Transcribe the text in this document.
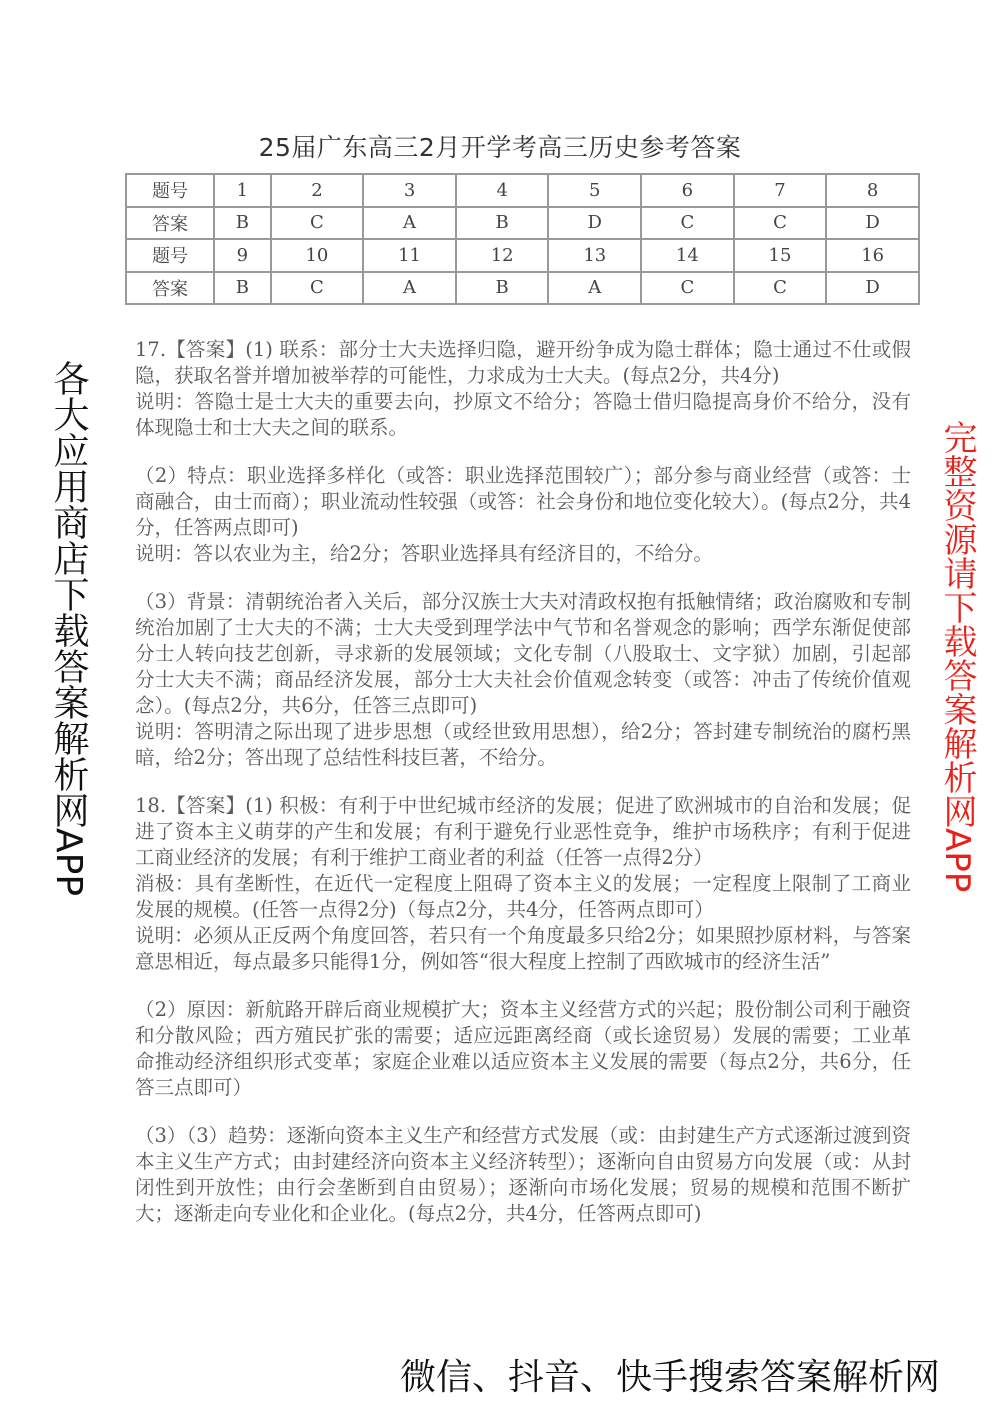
25届广东高三2月开学考高三历史参考答案
题号	1	2	3	4	5	6	7	8
答案	B	C	A	B	D	C	C	D
题号	9	10	11	12	13	14	15	16
答案	B	C	A	B	A	C	C	D

17.【答案】(1) 联系：部分士大夫选择归隐，避开纷争成为隐士群体；隐士通过不仕或假隐，获取名誉并增加被举荐的可能性，力求成为士大夫。(每点2分，共4分)

说明：答隐士是士大夫的重要去向，抄原文不给分；答隐士借归隐提高身价不给分，没有体现隐士和士大夫之间的联系。

（2）特点：职业选择多样化（或答：职业选择范围较广）；部分参与商业经营（或答：士商融合，由士而商）；职业流动性较强（或答：社会身份和地位变化较大）。(每点2分，共4分，任答两点即可)

说明：答以农业为主，给2分；答职业选择具有经济目的，不给分。

（3）背景：清朝统治者入关后，部分汉族士大夫对清政权抱有抵触情绪；政治腐败和专制统治加剧了士大夫的不满；士大夫受到理学法中气节和名誉观念的影响；西学东渐促使部分士人转向技艺创新，寻求新的发展领域；文化专制（八股取士、文字狱）加剧，引起部分士大夫不满；商品经济发展，部分士大夫社会价值观念转变（或答：冲击了传统价值观念）。(每点2分，共6分，任答三点即可)

说明：答明清之际出现了进步思想（或经世致用思想），给2分；答封建专制统治的腐朽黑暗，给2分；答出现了总结性科技巨著，不给分。

18.【答案】(1) 积极：有利于中世纪城市经济的发展；促进了欧洲城市的自治和发展；促进了资本主义萌芽的产生和发展；有利于避免行业恶性竞争，维护市场秩序；有利于促进工商业经济的发展；有利于维护工商业者的利益（任答一点得2分）

消极：具有垄断性，在近代一定程度上阻碍了资本主义的发展；一定程度上限制了工商业发展的规模。(任答一点得2分)（每点2分，共4分，任答两点即可）

说明：必须从正反两个角度回答，若只有一个角度最多只给2分；如果照抄原材料，与答案意思相近，每点最多只能得1分，例如答“很大程度上控制了西欧城市的经济生活”

（2）原因：新航路开辟后商业规模扩大；资本主义经营方式的兴起；股份制公司利于融资和分散风险；西方殖民扩张的需要；适应远距离经商（或长途贸易）发展的需要；工业革命推动经济组织形式变革；家庭企业难以适应资本主义发展的需要（每点2分，共6分，任答三点即可）

（3）（3）趋势：逐渐向资本主义生产和经营方式发展（或：由封建生产方式逐渐过渡到资本主义生产方式；由封建经济向资本主义经济转型）；逐渐向自由贸易方向发展（或：从封闭性到开放性；由行会垄断到自由贸易）；逐渐向市场化发展；贸易的规模和范围不断扩大；逐渐走向专业化和企业化。(每点2分，共4分，任答两点即可)

各大应用商店下载答案解析网APP	完整资源请下载答案解析网APP
微信、抖音、快手搜索答案解析网
